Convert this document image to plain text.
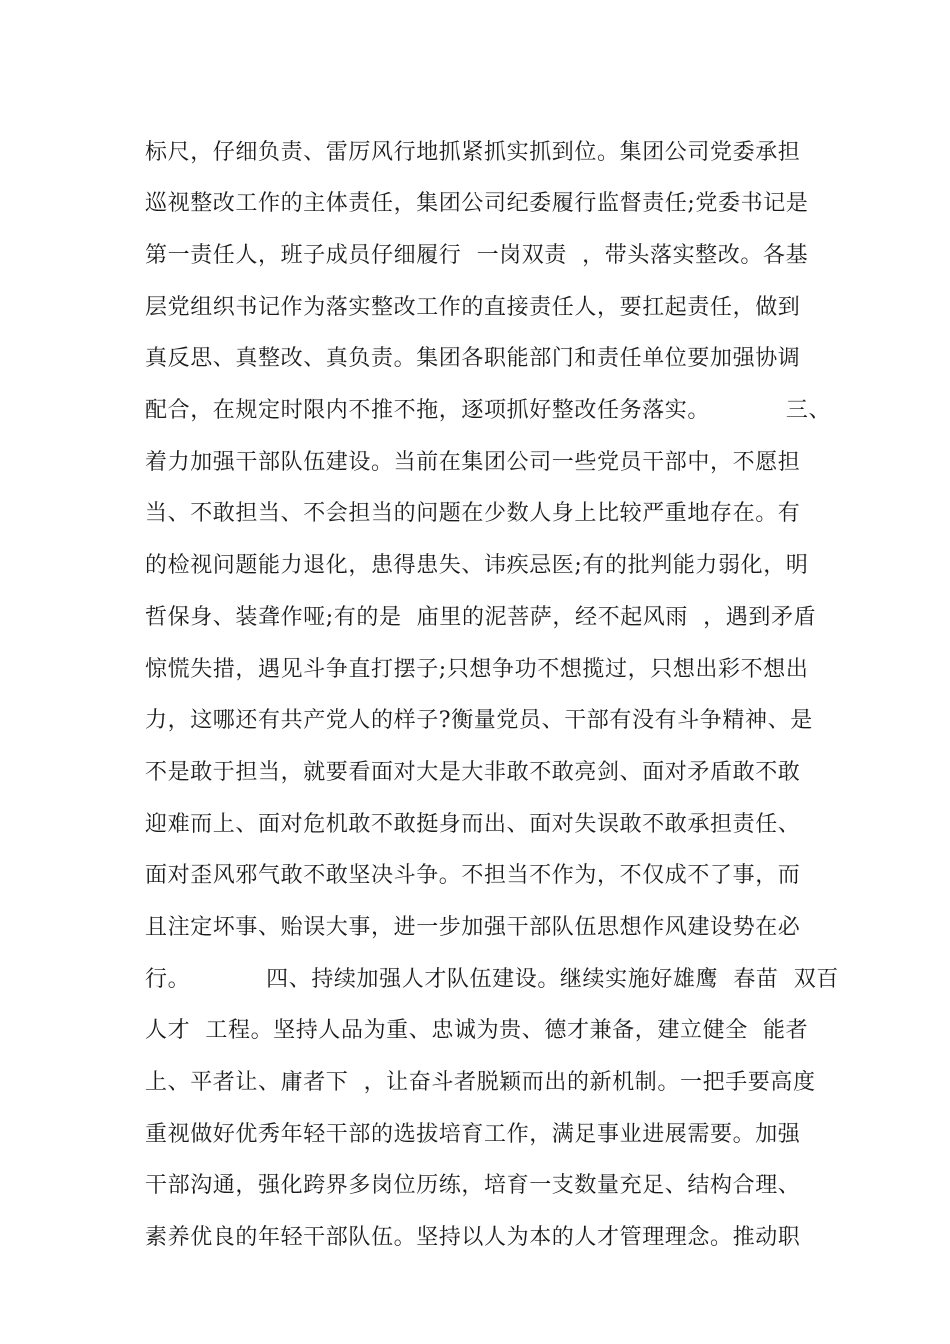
标尺，仔细负责、雷厉风行地抓紧抓实抓到位。集团公司党委承担
巡视整改工作的主体责任，集团公司纪委履行监督责任;党委书记是
第一责任人，班子成员仔细履行  一岗双责  ，带头落实整改。各基
层党组织书记作为落实整改工作的直接责任人，要扛起责任，做到
真反思、真整改、真负责。集团各职能部门和责任单位要加强协调
配合，在规定时限内不推不拖，逐项抓好整改任务落实。          三、
着力加强干部队伍建设。当前在集团公司一些党员干部中，不愿担
当、不敢担当、不会担当的问题在少数人身上比较严重地存在。有
的检视问题能力退化，患得患失、讳疾忌医;有的批判能力弱化，明
哲保身、装聋作哑;有的是  庙里的泥菩萨，经不起风雨  ，遇到矛盾
惊慌失措，遇见斗争直打摆子;只想争功不想揽过，只想出彩不想出
力，这哪还有共产党人的样子?衡量党员、干部有没有斗争精神、是
不是敢于担当，就要看面对大是大非敢不敢亮剑、面对矛盾敢不敢
迎难而上、面对危机敢不敢挺身而出、面对失误敢不敢承担责任、
面对歪风邪气敢不敢坚决斗争。不担当不作为，不仅成不了事，而
且注定坏事、贻误大事，进一步加强干部队伍思想作风建设势在必
行。          四、持续加强人才队伍建设。继续实施好雄鹰  春苗  双百
人才  工程。坚持人品为重、忠诚为贵、德才兼备，建立健全  能者
上、平者让、庸者下  ，让奋斗者脱颖而出的新机制。一把手要高度
重视做好优秀年轻干部的选拔培育工作，满足事业进展需要。加强
干部沟通，强化跨界多岗位历练，培育一支数量充足、结构合理、
素养优良的年轻干部队伍。坚持以人为本的人才管理理念。推动职
